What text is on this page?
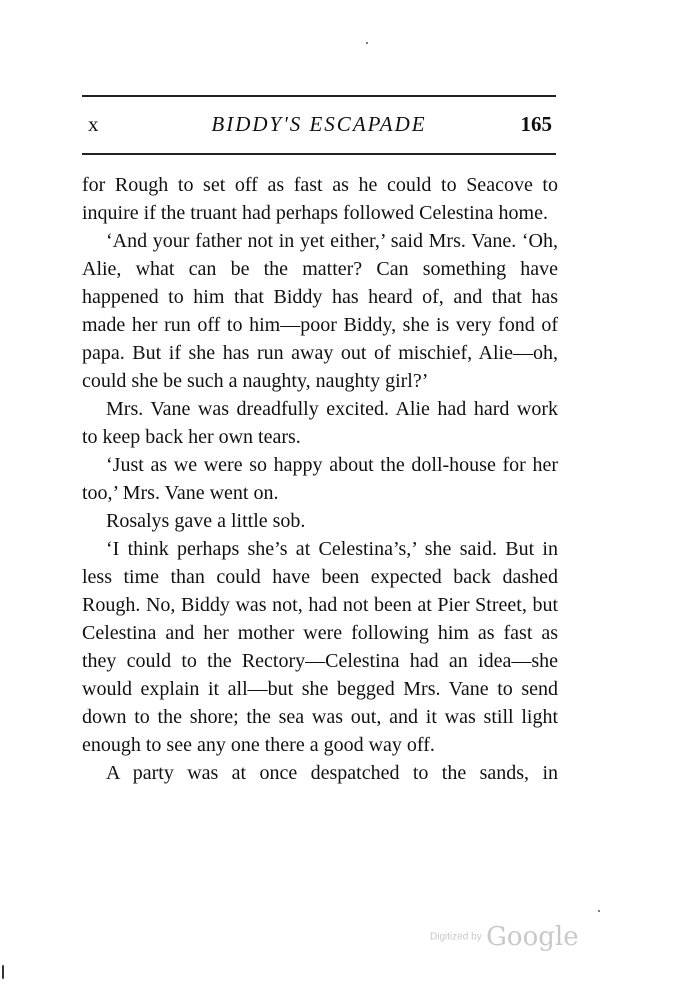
x	BIDDY'S ESCAPADE	165

for Rough to set off as fast as he could to Seacove to inquire if the truant had perhaps followed Celestina home.

‘And your father not in yet either,’ said Mrs. Vane. ‘Oh, Alie, what can be the matter? Can something have happened to him that Biddy has heard of, and that has made her run off to him—poor Biddy, she is very fond of papa. But if she has run away out of mischief, Alie—oh, could she be such a naughty, naughty girl?’

Mrs. Vane was dreadfully excited. Alie had hard work to keep back her own tears.

‘Just as we were so happy about the doll-house for her too,’ Mrs. Vane went on.

Rosalys gave a little sob.

‘I think perhaps she’s at Celestina’s,’ she said. But in less time than could have been expected back dashed Rough. No, Biddy was not, had not been at Pier Street, but Celestina and her mother were following him as fast as they could to the Rectory—Celestina had an idea—she would explain it all—but she begged Mrs. Vane to send down to the shore; the sea was out, and it was still light enough to see any one there a good way off.

A party was at once despatched to the sands, in

Digitized by Google
